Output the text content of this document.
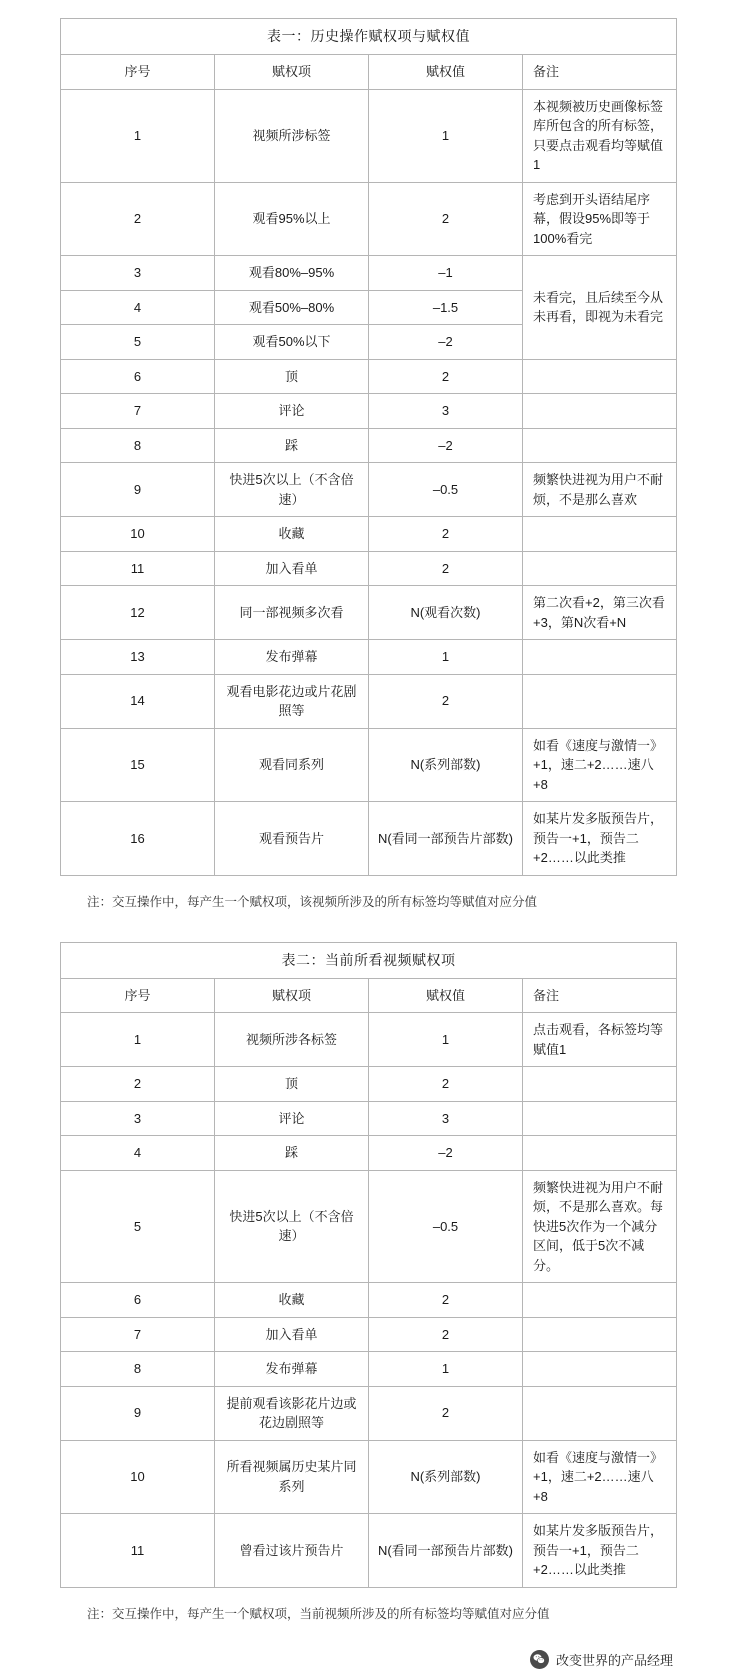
表一：历史操作赋权项与赋权值			
序号	赋权项	赋权值	备注
1	视频所涉标签	1	本视频被历史画像标签库所包含的所有标签，只要点击观看均等赋值1
2	观看95%以上	2	考虑到开头语结尾序幕，假设95%即等于100%看完
3	观看80%–95%	–1	未看完，且后续至今从未再看，即视为未看完
4	观看50%–80%	–1.5	
5	观看50%以下	–2	
6	顶	2	
7	评论	3	
8	踩	–2	
9	快进5次以上（不含倍速）	–0.5	频繁快进视为用户不耐烦，不是那么喜欢
10	收藏	2	
11	加入看单	2	
12	同一部视频多次看	N(观看次数)	第二次看+2，第三次看+3，第N次看+N
13	发布弹幕	1	
14	观看电影花边或片花剧照等	2	
15	观看同系列	N(系列部数)	如看《速度与激情一》+1，速二+2……速八+8
16	观看预告片	N(看同一部预告片部数)	如某片发多版预告片，预告一+1，预告二+2……以此类推
注：交互操作中，每产生一个赋权项，该视频所涉及的所有标签均等赋值对应分值
表二：当前所看视频赋权项			
序号	赋权项	赋权值	备注
1	视频所涉各标签	1	点击观看，各标签均等赋值1
2	顶	2	
3	评论	3	
4	踩	–2	
5	快进5次以上（不含倍速）	–0.5	频繁快进视为用户不耐烦，不是那么喜欢。每快进5次作为一个减分区间，低于5次不减分。
6	收藏	2	
7	加入看单	2	
8	发布弹幕	1	
9	提前观看该影花片边或花边剧照等	2	
10	所看视频属历史某片同系列	N(系列部数)	如看《速度与激情一》+1，速二+2……速八+8
11	曾看过该片预告片	N(看同一部预告片部数)	如某片发多版预告片，预告一+1，预告二+2……以此类推
注：交互操作中，每产生一个赋权项，当前视频所涉及的所有标签均等赋值对应分值
改变世界的产品经理
